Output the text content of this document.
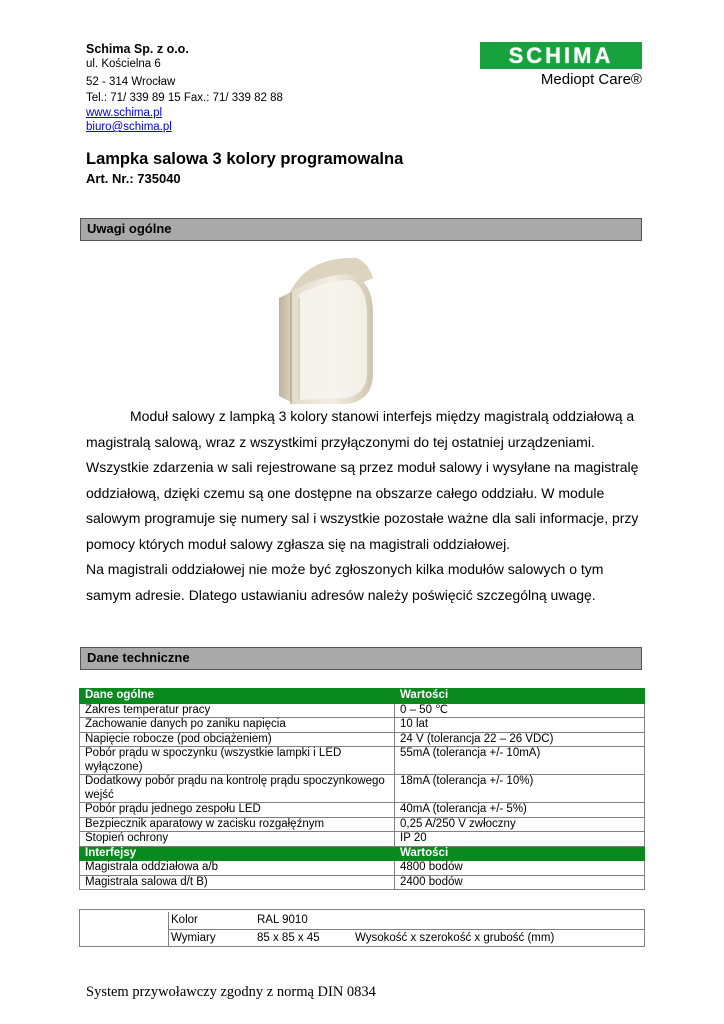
Schima Sp. z o.o.
ul. Kościelna 6
52 - 314 Wrocław
Tel.: 71/ 339 89 15 Fax.: 71/ 339 82 88
www.schima.pl
biuro@schima.pl
SCHIMA
Mediopt Care®
Lampka salowa 3 kolory programowalna
Art. Nr.: 735040
Uwagi ogólne

Moduł salowy z lampką 3 kolory stanowi interfejs między magistralą oddziałową a magistralą salową, wraz z wszystkimi przyłączonymi do tej ostatniej urządzeniami. Wszystkie zdarzenia w sali rejestrowane są przez moduł salowy i wysyłane na magistralę oddziałową, dzięki czemu są one dostępne na obszarze całego oddziału. W module salowym programuje się numery sal i wszystkie pozostałe ważne dla sali informacje, przy pomocy których moduł salowy zgłasza się na magistrali oddziałowej.

Na magistrali oddziałowej nie może być zgłoszonych kilka modułów salowych o tym samym adresie. Dlatego ustawianiu adresów należy poświęcić szczególną uwagę.

Dane techniczne
Dane ogólne	Wartości
Zakres temperatur pracy	0 – 50 ℃
Zachowanie danych po zaniku napięcia	10 lat
Napięcie robocze (pod obciążeniem)	24 V (tolerancja 22 – 26 VDC)
Pobór prądu w spoczynku (wszystkie lampki i LED wyłączone)	55mA (tolerancja +/- 10mA)
Dodatkowy pobór prądu na kontrolę prądu spoczynkowego wejść	18mA (tolerancja +/- 10%)
Pobór prądu jednego zespołu LED	40mA (tolerancja +/- 5%)
Bezpiecznik aparatowy w zacisku rozgałęźnym	0,25 A/250 V zwłoczny
Stopień ochrony	IP 20
Interfejsy	Wartości
Magistrala oddziałowa a/b	4800 bodów
Magistrala salowa d/t B)	2400 bodów
Kolor	RAL 9010
Wymiary	85 x 85 x 45	Wysokość x szerokość x grubość (mm)
System przywoławczy zgodny z normą DIN 0834
